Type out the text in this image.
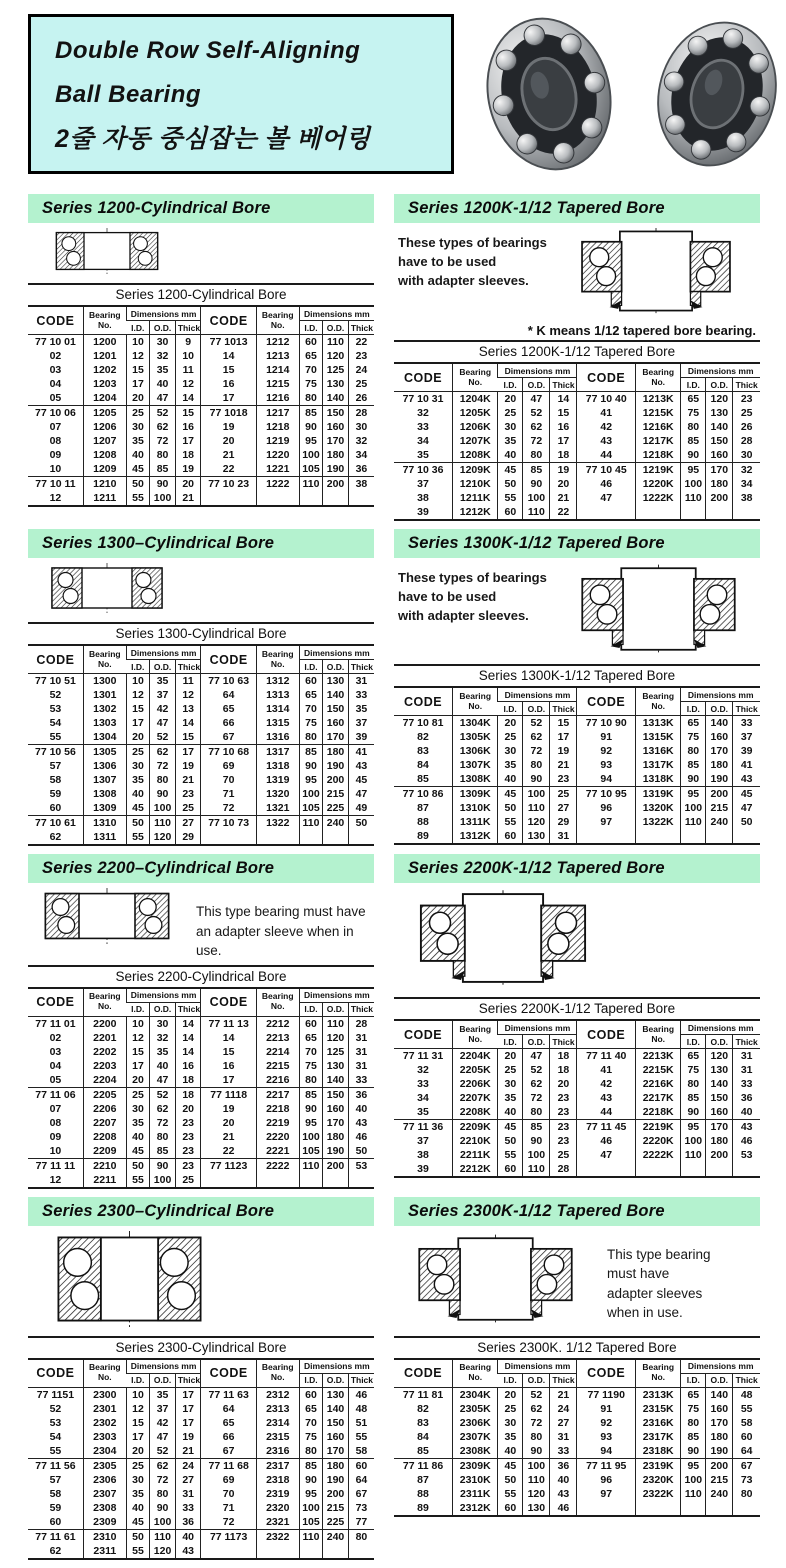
Double Row Self-Aligning
Ball Bearing
2줄 자동 중심잡는 볼 베어링
Series 1200-Cylindrical Bore
Series 1200-Cylindrical Bore
CODE	Bearing
No.	Dimensions mm			CODE	Bearing
No.	Dimensions mm		
		I.D.	O.D.	Thick			I.D.	O.D.	Thick
77 10 01	1200	10	30	9	77 1013	1212	60	110	22
02	1201	12	32	10	14	1213	65	120	23
03	1202	15	35	11	15	1214	70	125	24
04	1203	17	40	12	16	1215	75	130	25
05	1204	20	47	14	17	1216	80	140	26
77 10 06	1205	25	52	15	77 1018	1217	85	150	28
07	1206	30	62	16	19	1218	90	160	30
08	1207	35	72	17	20	1219	95	170	32
09	1208	40	80	18	21	1220	100	180	34
10	1209	45	85	19	22	1221	105	190	36
77 10 11	1210	50	90	20	77 10 23	1222	110	200	38
12	1211	55	100	21					
Series 1200K-1/12 Tapered Bore
These types of bearings
have to be used
with adapter sleeves.
* K means 1/12 tapered bore bearing.
Series 1200K-1/12 Tapered Bore
CODE	Bearing
No.	Dimensions mm			CODE	Bearing
No.	Dimensions mm		
		I.D.	O.D.	Thick			I.D.	O.D.	Thick
77 10 31	1204K	20	47	14	77 10 40	1213K	65	120	23
32	1205K	25	52	15	41	1215K	75	130	25
33	1206K	30	62	16	42	1216K	80	140	26
34	1207K	35	72	17	43	1217K	85	150	28
35	1208K	40	80	18	44	1218K	90	160	30
77 10 36	1209K	45	85	19	77 10 45	1219K	95	170	32
37	1210K	50	90	20	46	1220K	100	180	34
38	1211K	55	100	21	47	1222K	110	200	38
39	1212K	60	110	22					
Series 1300–Cylindrical Bore
Series 1300-Cylindrical Bore
CODE	Bearing
No.	Dimensions mm			CODE	Bearing
No.	Dimensions mm		
		I.D.	O.D.	Thick			I.D.	O.D.	Thick
77 10 51	1300	10	35	11	77 10 63	1312	60	130	31
52	1301	12	37	12	64	1313	65	140	33
53	1302	15	42	13	65	1314	70	150	35
54	1303	17	47	14	66	1315	75	160	37
55	1304	20	52	15	67	1316	80	170	39
77 10 56	1305	25	62	17	77 10 68	1317	85	180	41
57	1306	30	72	19	69	1318	90	190	43
58	1307	35	80	21	70	1319	95	200	45
59	1308	40	90	23	71	1320	100	215	47
60	1309	45	100	25	72	1321	105	225	49
77 10 61	1310	50	110	27	77 10 73	1322	110	240	50
62	1311	55	120	29					
Series 1300K-1/12 Tapered Bore
These types of bearings
have to be used
with adapter sleeves.
Series 1300K-1/12 Tapered Bore
CODE	Bearing
No.	Dimensions mm			CODE	Bearing
No.	Dimensions mm		
		I.D.	O.D.	Thick			I.D.	O.D.	Thick
77 10 81	1304K	20	52	15	77 10 90	1313K	65	140	33
82	1305K	25	62	17	91	1315K	75	160	37
83	1306K	30	72	19	92	1316K	80	170	39
84	1307K	35	80	21	93	1317K	85	180	41
85	1308K	40	90	23	94	1318K	90	190	43
77 10 86	1309K	45	100	25	77 10 95	1319K	95	200	45
87	1310K	50	110	27	96	1320K	100	215	47
88	1311K	55	120	29	97	1322K	110	240	50
89	1312K	60	130	31					
Series 2200–Cylindrical Bore
This type bearing must have
an adapter sleeve when in use.
Series 2200-Cylindrical Bore
CODE	Bearing
No.	Dimensions mm			CODE	Bearing
No.	Dimensions mm		
		I.D.	O.D.	Thick			I.D.	O.D.	Thick
77 11 01	2200	10	30	14	77 11 13	2212	60	110	28
02	2201	12	32	14	14	2213	65	120	31
03	2202	15	35	14	15	2214	70	125	31
04	2203	17	40	16	16	2215	75	130	31
05	2204	20	47	18	17	2216	80	140	33
77 11 06	2205	25	52	18	77 1118	2217	85	150	36
07	2206	30	62	20	19	2218	90	160	40
08	2207	35	72	23	20	2219	95	170	43
09	2208	40	80	23	21	2220	100	180	46
10	2209	45	85	23	22	2221	105	190	50
77 11 11	2210	50	90	23	77 1123	2222	110	200	53
12	2211	55	100	25					
Series 2200K-1/12 Tapered Bore
Series 2200K-1/12 Tapered Bore
CODE	Bearing
No.	Dimensions mm			CODE	Bearing
No.	Dimensions mm		
		I.D.	O.D.	Thick			I.D.	O.D.	Thick
77 11 31	2204K	20	47	18	77 11 40	2213K	65	120	31
32	2205K	25	52	18	41	2215K	75	130	31
33	2206K	30	62	20	42	2216K	80	140	33
34	2207K	35	72	23	43	2217K	85	150	36
35	2208K	40	80	23	44	2218K	90	160	40
77 11 36	2209K	45	85	23	77 11 45	2219K	95	170	43
37	2210K	50	90	23	46	2220K	100	180	46
38	2211K	55	100	25	47	2222K	110	200	53
39	2212K	60	110	28					
Series 2300–Cylindrical Bore
Series 2300-Cylindrical Bore
CODE	Bearing
No.	Dimensions mm			CODE	Bearing
No.	Dimensions mm		
		I.D.	O.D.	Thick			I.D.	O.D.	Thick
77 1151	2300	10	35	17	77 11 63	2312	60	130	46
52	2301	12	37	17	64	2313	65	140	48
53	2302	15	42	17	65	2314	70	150	51
54	2303	17	47	19	66	2315	75	160	55
55	2304	20	52	21	67	2316	80	170	58
77 11 56	2305	25	62	24	77 11 68	2317	85	180	60
57	2306	30	72	27	69	2318	90	190	64
58	2307	35	80	31	70	2319	95	200	67
59	2308	40	90	33	71	2320	100	215	73
60	2309	45	100	36	72	2321	105	225	77
77 11 61	2310	50	110	40	77 1173	2322	110	240	80
62	2311	55	120	43					
Series 2300K-1/12 Tapered Bore
This type bearing
must have
adapter sleeves
when in use.
Series 2300K. 1/12 Tapered Bore
CODE	Bearing
No.	Dimensions mm			CODE	Bearing
No.	Dimensions mm		
		I.D.	O.D.	Thick			I.D.	O.D.	Thick
77 11 81	2304K	20	52	21	77 1190	2313K	65	140	48
82	2305K	25	62	24	91	2315K	75	160	55
83	2306K	30	72	27	92	2316K	80	170	58
84	2307K	35	80	31	93	2317K	85	180	60
85	2308K	40	90	33	94	2318K	90	190	64
77 11 86	2309K	45	100	36	77 11 95	2319K	95	200	67
87	2310K	50	110	40	96	2320K	100	215	73
88	2311K	55	120	43	97	2322K	110	240	80
89	2312K	60	130	46					
